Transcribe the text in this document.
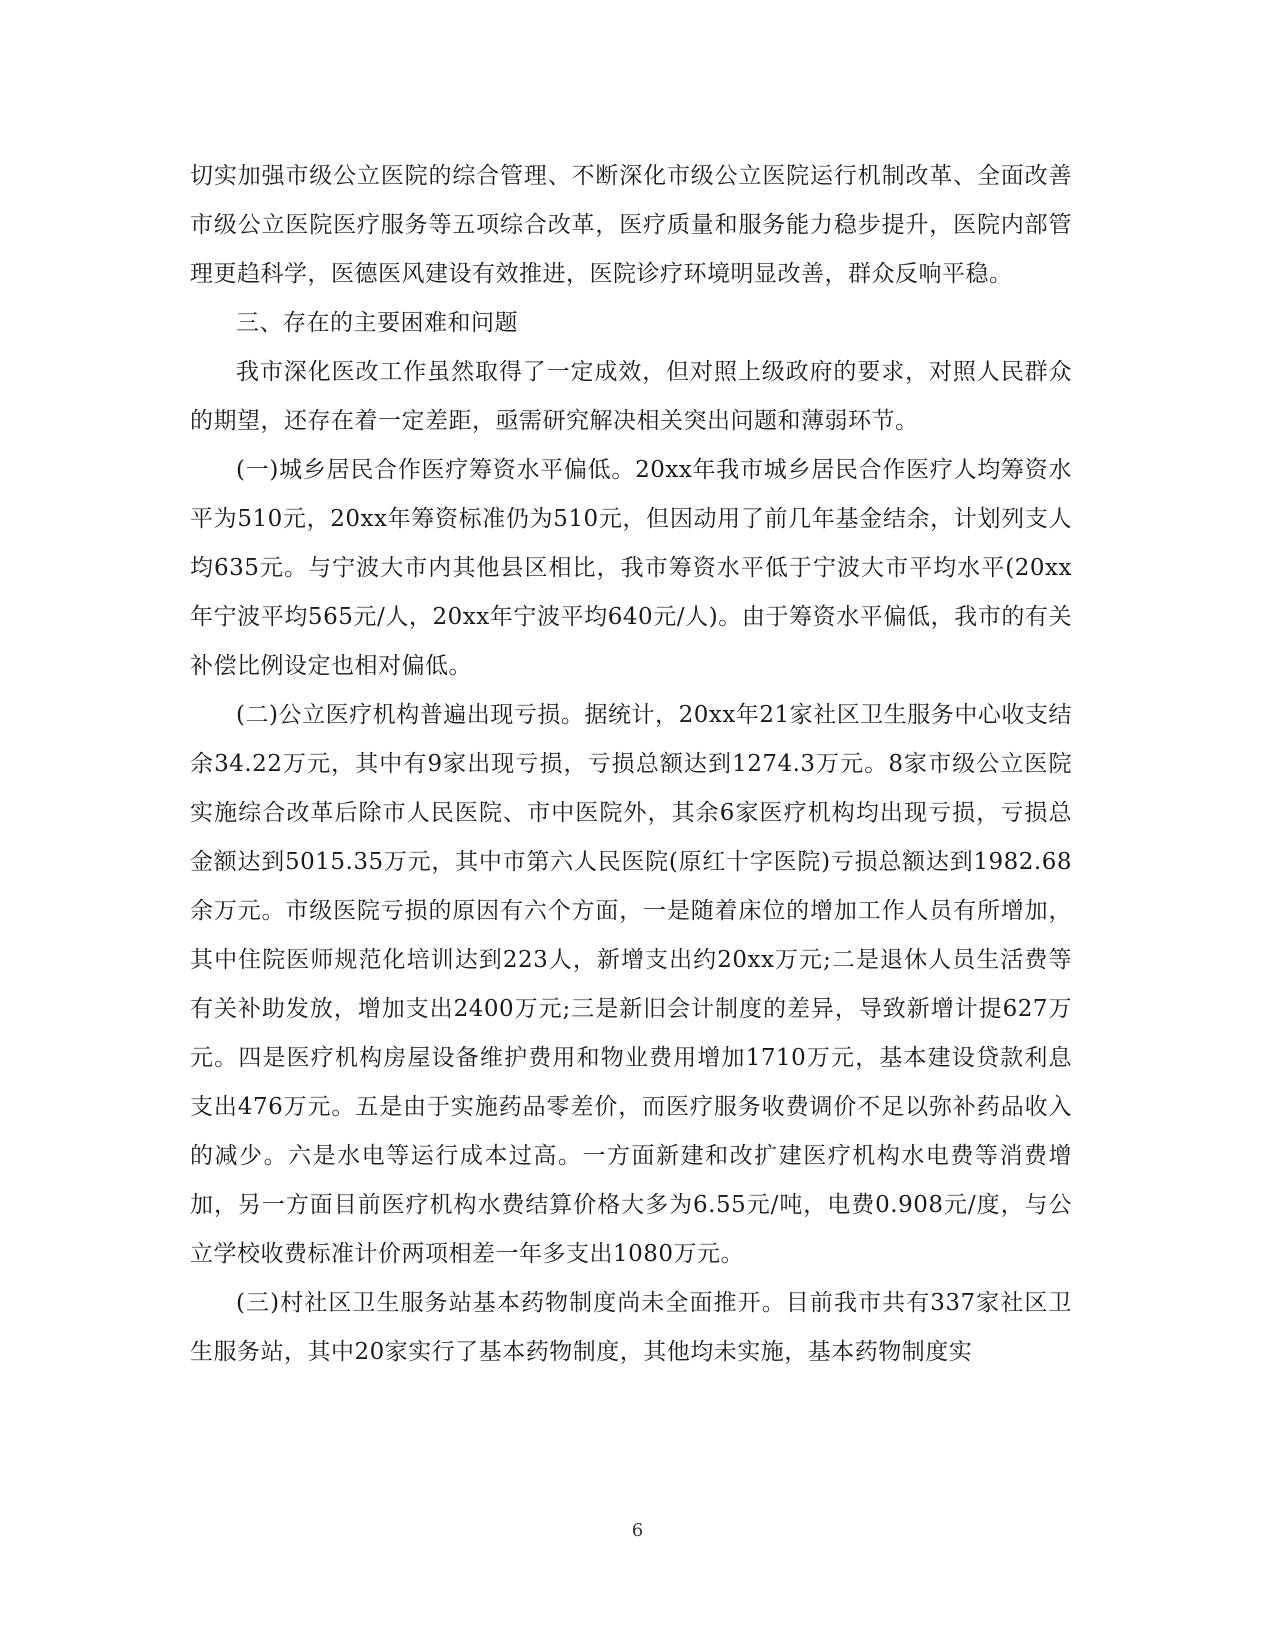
切实加强市级公立医院的综合管理、不断深化市级公立医院运行机制改革、全面改善市级公立医院医疗服务等五项综合改革，医疗质量和服务能力稳步提升，医院内部管理更趋科学，医德医风建设有效推进，医院诊疗环境明显改善，群众反响平稳。

三、存在的主要困难和问题

我市深化医改工作虽然取得了一定成效，但对照上级政府的要求，对照人民群众的期望，还存在着一定差距，亟需研究解决相关突出问题和薄弱环节。

(一)城乡居民合作医疗筹资水平偏低。20xx年我市城乡居民合作医疗人均筹资水平为510元，20xx年筹资标准仍为510元，但因动用了前几年基金结余，计划列支人均635元。与宁波大市内其他县区相比，我市筹资水平低于宁波大市平均水平(20xx年宁波平均565元/人，20xx年宁波平均640元/人)。由于筹资水平偏低，我市的有关补偿比例设定也相对偏低。

(二)公立医疗机构普遍出现亏损。据统计，20xx年21家社区卫生服务中心收支结余34.22万元，其中有9家出现亏损，亏损总额达到1274.3万元。8家市级公立医院实施综合改革后除市人民医院、市中医院外，其余6家医疗机构均出现亏损，亏损总金额达到5015.35万元，其中市第六人民医院(原红十字医院)亏损总额达到1982.68余万元。市级医院亏损的原因有六个方面，一是随着床位的增加工作人员有所增加，其中住院医师规范化培训达到223人，新增支出约20xx万元;二是退休人员生活费等有关补助发放，增加支出2400万元;三是新旧会计制度的差异，导致新增计提627万元。四是医疗机构房屋设备维护费用和物业费用增加1710万元，基本建设贷款利息支出476万元。五是由于实施药品零差价，而医疗服务收费调价不足以弥补药品收入的减少。六是水电等运行成本过高。一方面新建和改扩建医疗机构水电费等消费增加，另一方面目前医疗机构水费结算价格大多为6.55元/吨，电费0.908元/度，与公立学校收费标准计价两项相差一年多支出1080万元。

(三)村社区卫生服务站基本药物制度尚未全面推开。目前我市共有337家社区卫生服务站，其中20家实行了基本药物制度，其他均未实施，基本药物制度实

6
